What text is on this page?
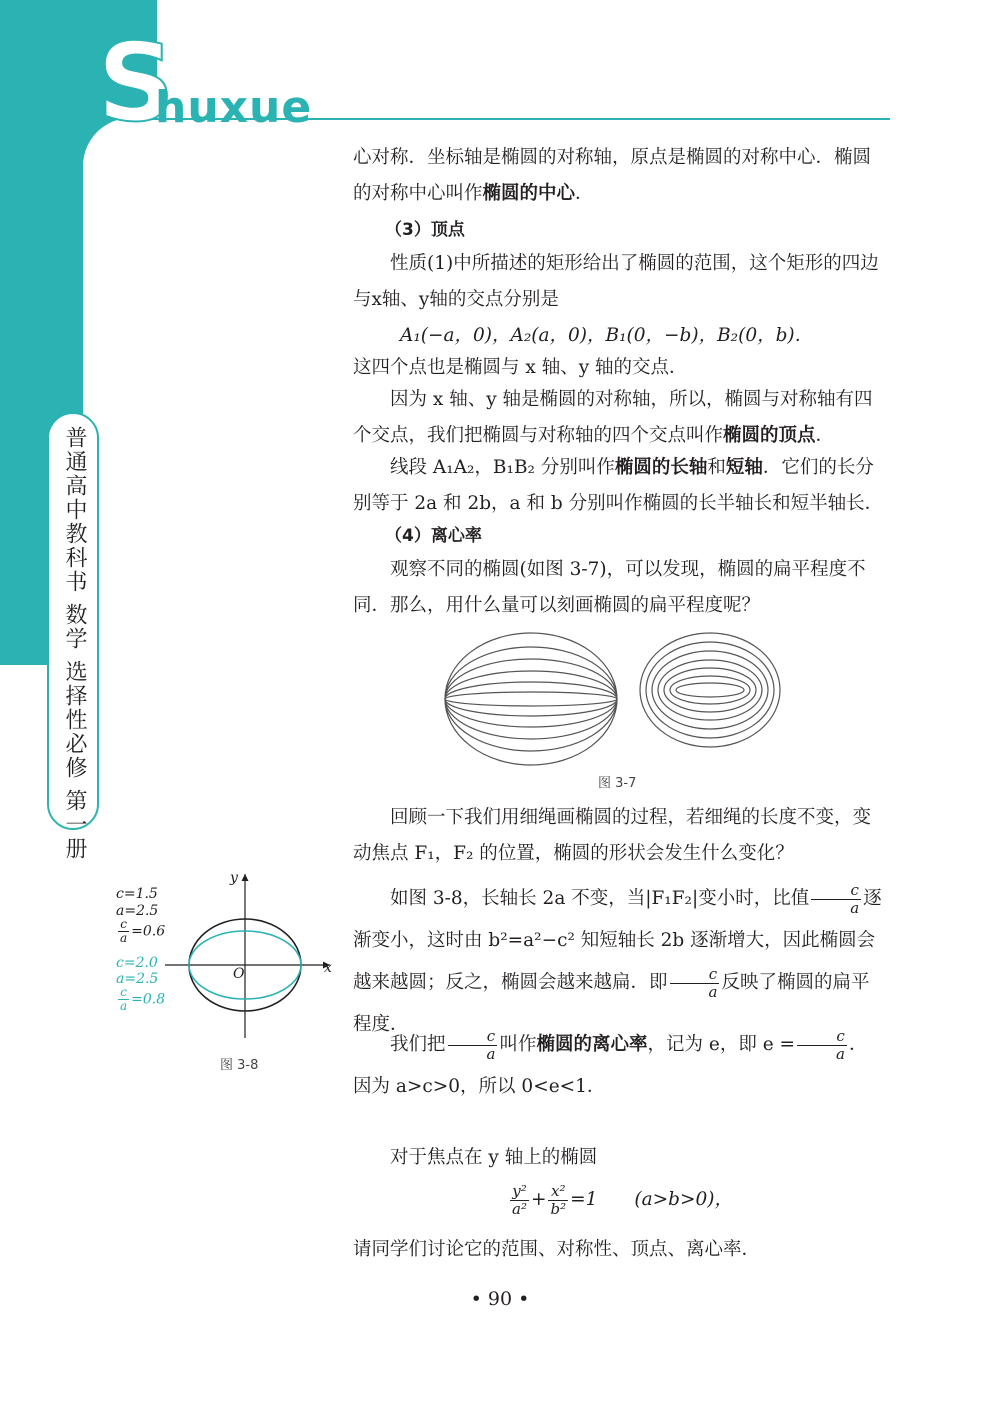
S
huxue
普通高中教科书 数学 选择性必修 第一册
心对称．坐标轴是椭圆的对称轴，原点是椭圆的对称中心．椭圆的对称中心叫作椭圆的中心．
（3）顶点
性质(1)中所描述的矩形给出了椭圆的范围，这个矩形的四边与x轴、y轴的交点分别是
A₁(−a，0)，A₂(a，0)，B₁(0，−b)，B₂(0，b)．
这四个点也是椭圆与 x 轴、y 轴的交点．
因为 x 轴、y 轴是椭圆的对称轴，所以，椭圆与对称轴有四个交点，我们把椭圆与对称轴的四个交点叫作椭圆的顶点．
线段 A₁A₂，B₁B₂ 分别叫作椭圆的长轴和短轴．它们的长分别等于 2a 和 2b，a 和 b 分别叫作椭圆的长半轴长和短半轴长．
（4）离心率
观察不同的椭圆(如图 3-7)，可以发现，椭圆的扁平程度不同．那么，用什么量可以刻画椭圆的扁平程度呢？
图 3-7
回顾一下我们用细绳画椭圆的过程，若细绳的长度不变，变动焦点 F₁，F₂ 的位置，椭圆的形状会发生什么变化？
如图 3-8，长轴长 2a 不变，当|F₁F₂|变小时，比值 $\frac{c}{a}$ 逐渐变小，这时由 b²=a²−c² 知短轴长 2b 逐渐增大，因此椭圆会越来越圆；反之，椭圆会越来越扁．即 $\frac{c}{a}$ 反映了椭圆的扁平程度．
我们把 $\frac{c}{a}$ 叫作椭圆的离心率，记为 e，即 $e = \frac{c}{a}$ ．因为 a>c>0，所以 0<e<1．
对于焦点在 y 轴上的椭圆
$\frac{\text{y²}}{\text{a²}} + \frac{\text{x²}}{\text{b²}} =1$　　(a>b>0)，
请同学们讨论它的范围、对称性、顶点、离心率．
y
x
O
c=1.5
a=2.5
$\frac{c}{a} =0.6$
c=2.0
a=2.5
$\frac{c}{a} =0.8$
图 3-8
• 90 •
